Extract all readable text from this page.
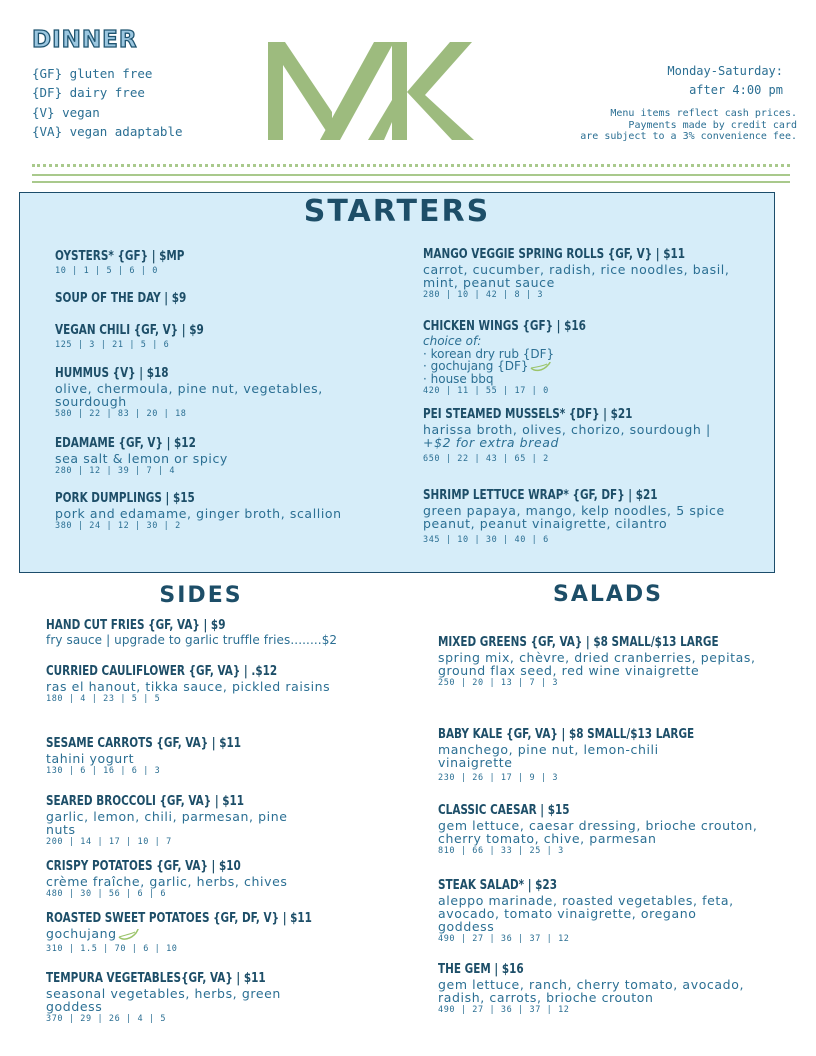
DINNER
{GF} gluten free
{DF} dairy free
{V} vegan
{VA} vegan adaptable
Monday-Saturday:
after 4:00 pm
Menu items reflect cash prices.
Payments made by credit card
are subject to a 3% convenience fee.
STARTERS
OYSTERS* {GF} | $MP
10 | 1 | 5 | 6 | 0
SOUP OF THE DAY | $9
VEGAN CHILI {GF, V} | $9
125 | 3 | 21 | 5 | 6
HUMMUS {V} | $18
olive, chermoula, pine nut, vegetables, sourdough
580 | 22 | 83 | 20 | 18
EDAMAME {GF, V} | $12
sea salt & lemon or spicy
280 | 12 | 39 | 7 | 4
PORK DUMPLINGS | $15
pork and edamame, ginger broth, scallion
380 | 24 | 12 | 30 | 2
MANGO VEGGIE SPRING ROLLS {GF, V} | $11
carrot, cucumber, radish, rice noodles, basil, mint, peanut sauce
280 | 10 | 42 | 8 | 3
CHICKEN WINGS {GF} | $16
choice of:
· korean dry rub {DF}
· gochujang {DF}
· house bbq
420 | 11 | 55 | 17 | 0
PEI STEAMED MUSSELS* {DF} | $21
harissa broth, olives, chorizo, sourdough | +$2 for extra bread
650 | 22 | 43 | 65 | 2
SHRIMP LETTUCE WRAP* {GF, DF} | $21
green papaya, mango, kelp noodles, 5 spice peanut, peanut vinaigrette, cilantro
345 | 10 | 30 | 40 | 6
SIDES
HAND CUT FRIES {GF, VA} | $9
fry sauce | upgrade to garlic truffle fries........$2
CURRIED CAULIFLOWER {GF, VA} | .$12
ras el hanout, tikka sauce, pickled raisins
180 | 4 | 23 | 5 | 5
SESAME CARROTS {GF, VA} | $11
tahini yogurt
130 | 6 | 16 | 6 | 3
SEARED BROCCOLI {GF, VA} | $11
garlic, lemon, chili, parmesan, pine nuts
200 | 14 | 17 | 10 | 7
CRISPY POTATOES {GF, VA} | $10
crème fraîche, garlic, herbs, chives
480 | 30 | 56 | 6 | 6
ROASTED SWEET POTATOES {GF, DF, V} | $11
gochujang
310 | 1.5 | 70 | 6 | 10
TEMPURA VEGETABLES{GF, VA} | $11
seasonal vegetables, herbs, green goddess
370 | 29 | 26 | 4 | 5
SALADS
MIXED GREENS {GF, VA} | $8 SMALL/$13 LARGE
spring mix, chèvre, dried cranberries, pepitas, ground flax seed, red wine vinaigrette
250 | 20 | 13 | 7 | 3
BABY KALE {GF, VA} | $8 SMALL/$13 LARGE
manchego, pine nut, lemon-chili vinaigrette
230 | 26 | 17 | 9 | 3
CLASSIC CAESAR | $15
gem lettuce, caesar dressing, brioche crouton, cherry tomato, chive, parmesan
810 | 66 | 33 | 25 | 3
STEAK SALAD* | $23
aleppo marinade, roasted vegetables, feta, avocado, tomato vinaigrette, oregano goddess
490 | 27 | 36 | 37 | 12
THE GEM | $16
gem lettuce, ranch, cherry tomato, avocado, radish, carrots, brioche crouton
490 | 27 | 36 | 37 | 12
